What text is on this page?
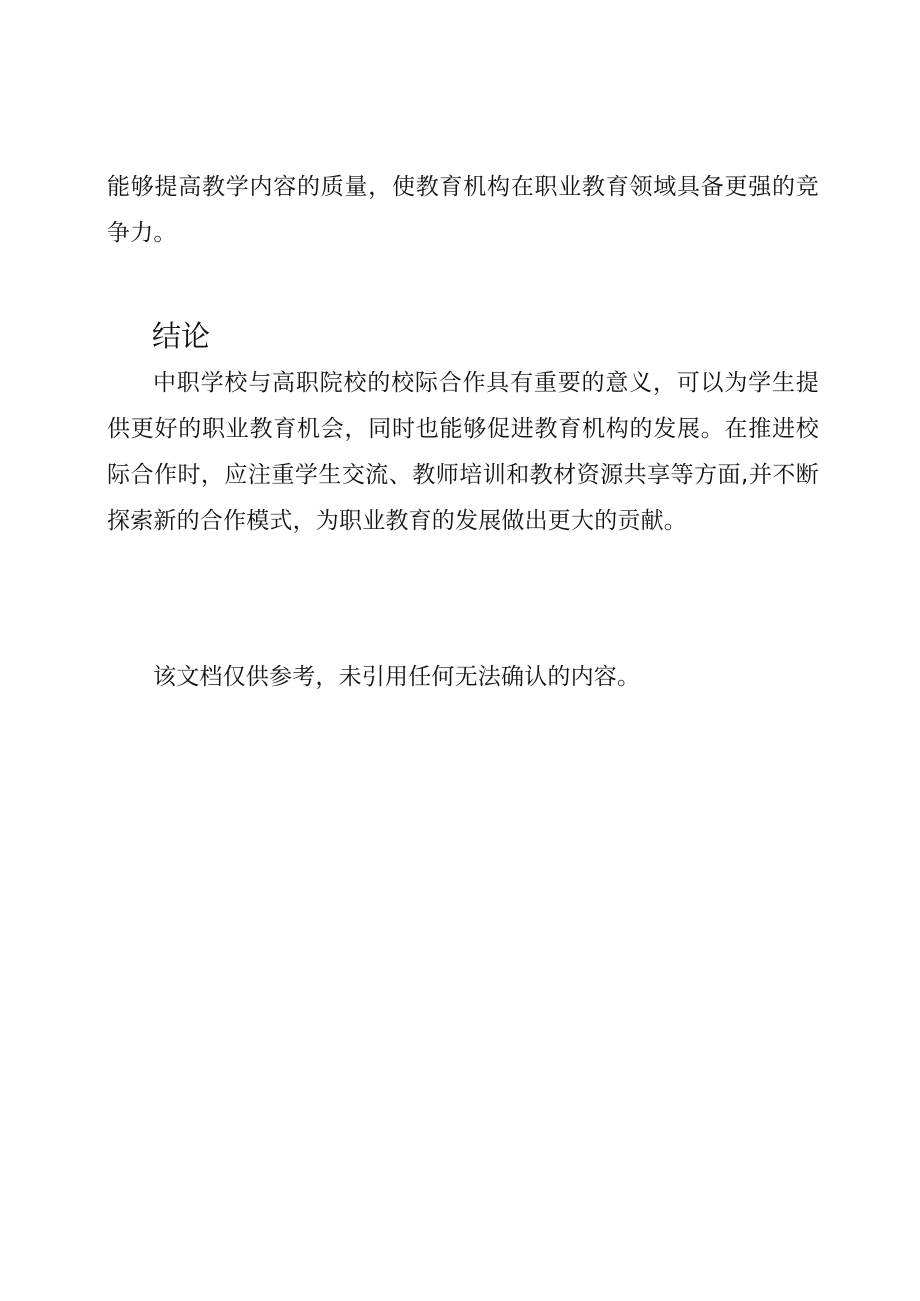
能够提高教学内容的质量，使教育机构在职业教育领域具备更强的竞争力。

结论

中职学校与高职院校的校际合作具有重要的意义，可以为学生提供更好的职业教育机会，同时也能够促进教育机构的发展。在推进校际合作时，应注重学生交流、教师培训和教材资源共享等方面,并不断探索新的合作模式，为职业教育的发展做出更大的贡献。

该文档仅供参考，未引用任何无法确认的内容。
